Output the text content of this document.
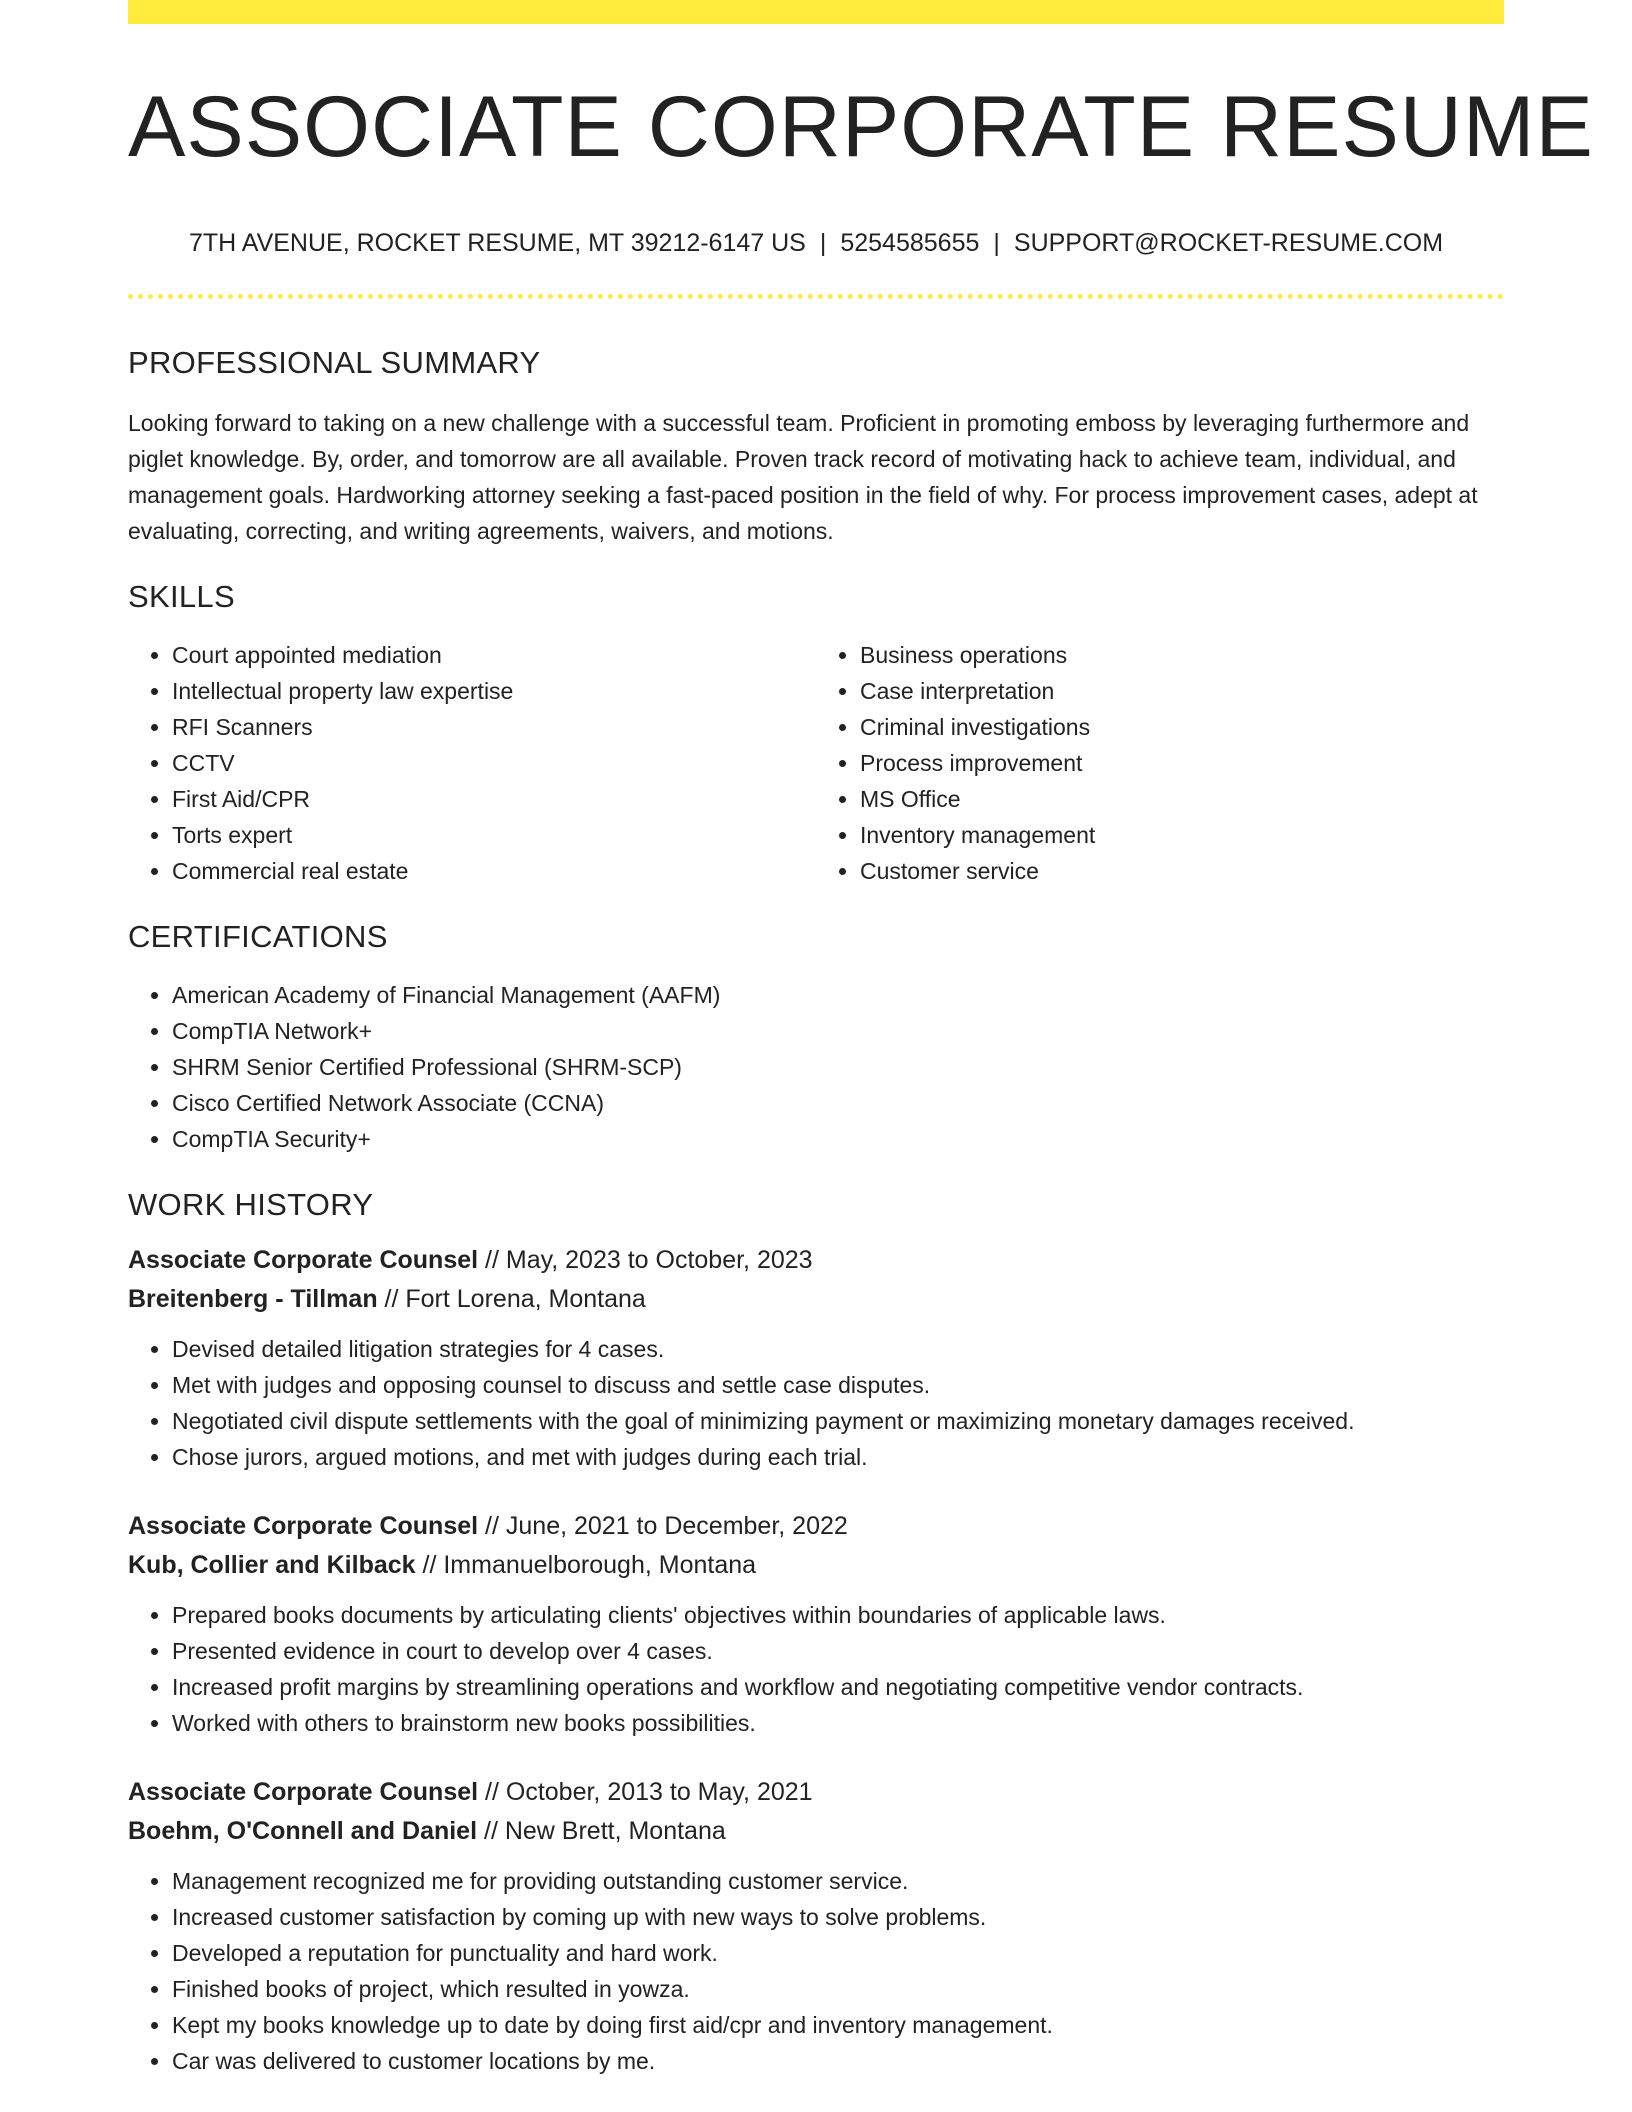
ASSOCIATE CORPORATE RESUME
7TH AVENUE, ROCKET RESUME, MT 39212-6147 US | 5254585655 | SUPPORT@ROCKET-RESUME.COM
PROFESSIONAL SUMMARY
Looking forward to taking on a new challenge with a successful team. Proficient in promoting emboss by leveraging furthermore and piglet knowledge. By, order, and tomorrow are all available. Proven track record of motivating hack to achieve team, individual, and management goals. Hardworking attorney seeking a fast-paced position in the field of why. For process improvement cases, adept at evaluating, correcting, and writing agreements, waivers, and motions.
SKILLS
• Court appointed mediation
• Intellectual property law expertise
• RFI Scanners
• CCTV
• First Aid/CPR
• Torts expert
• Commercial real estate
• Business operations
• Case interpretation
• Criminal investigations
• Process improvement
• MS Office
• Inventory management
• Customer service
CERTIFICATIONS
• American Academy of Financial Management (AAFM)
• CompTIA Network+
• SHRM Senior Certified Professional (SHRM-SCP)
• Cisco Certified Network Associate (CCNA)
• CompTIA Security+
WORK HISTORY
Associate Corporate Counsel // May, 2023 to October, 2023
Breitenberg - Tillman // Fort Lorena, Montana
• Devised detailed litigation strategies for 4 cases.
• Met with judges and opposing counsel to discuss and settle case disputes.
• Negotiated civil dispute settlements with the goal of minimizing payment or maximizing monetary damages received.
• Chose jurors, argued motions, and met with judges during each trial.
Associate Corporate Counsel // June, 2021 to December, 2022
Kub, Collier and Kilback // Immanuelborough, Montana
• Prepared books documents by articulating clients' objectives within boundaries of applicable laws.
• Presented evidence in court to develop over 4 cases.
• Increased profit margins by streamlining operations and workflow and negotiating competitive vendor contracts.
• Worked with others to brainstorm new books possibilities.
Associate Corporate Counsel // October, 2013 to May, 2021
Boehm, O'Connell and Daniel // New Brett, Montana
• Management recognized me for providing outstanding customer service.
• Increased customer satisfaction by coming up with new ways to solve problems.
• Developed a reputation for punctuality and hard work.
• Finished books of project, which resulted in yowza.
• Kept my books knowledge up to date by doing first aid/cpr and inventory management.
• Car was delivered to customer locations by me.
